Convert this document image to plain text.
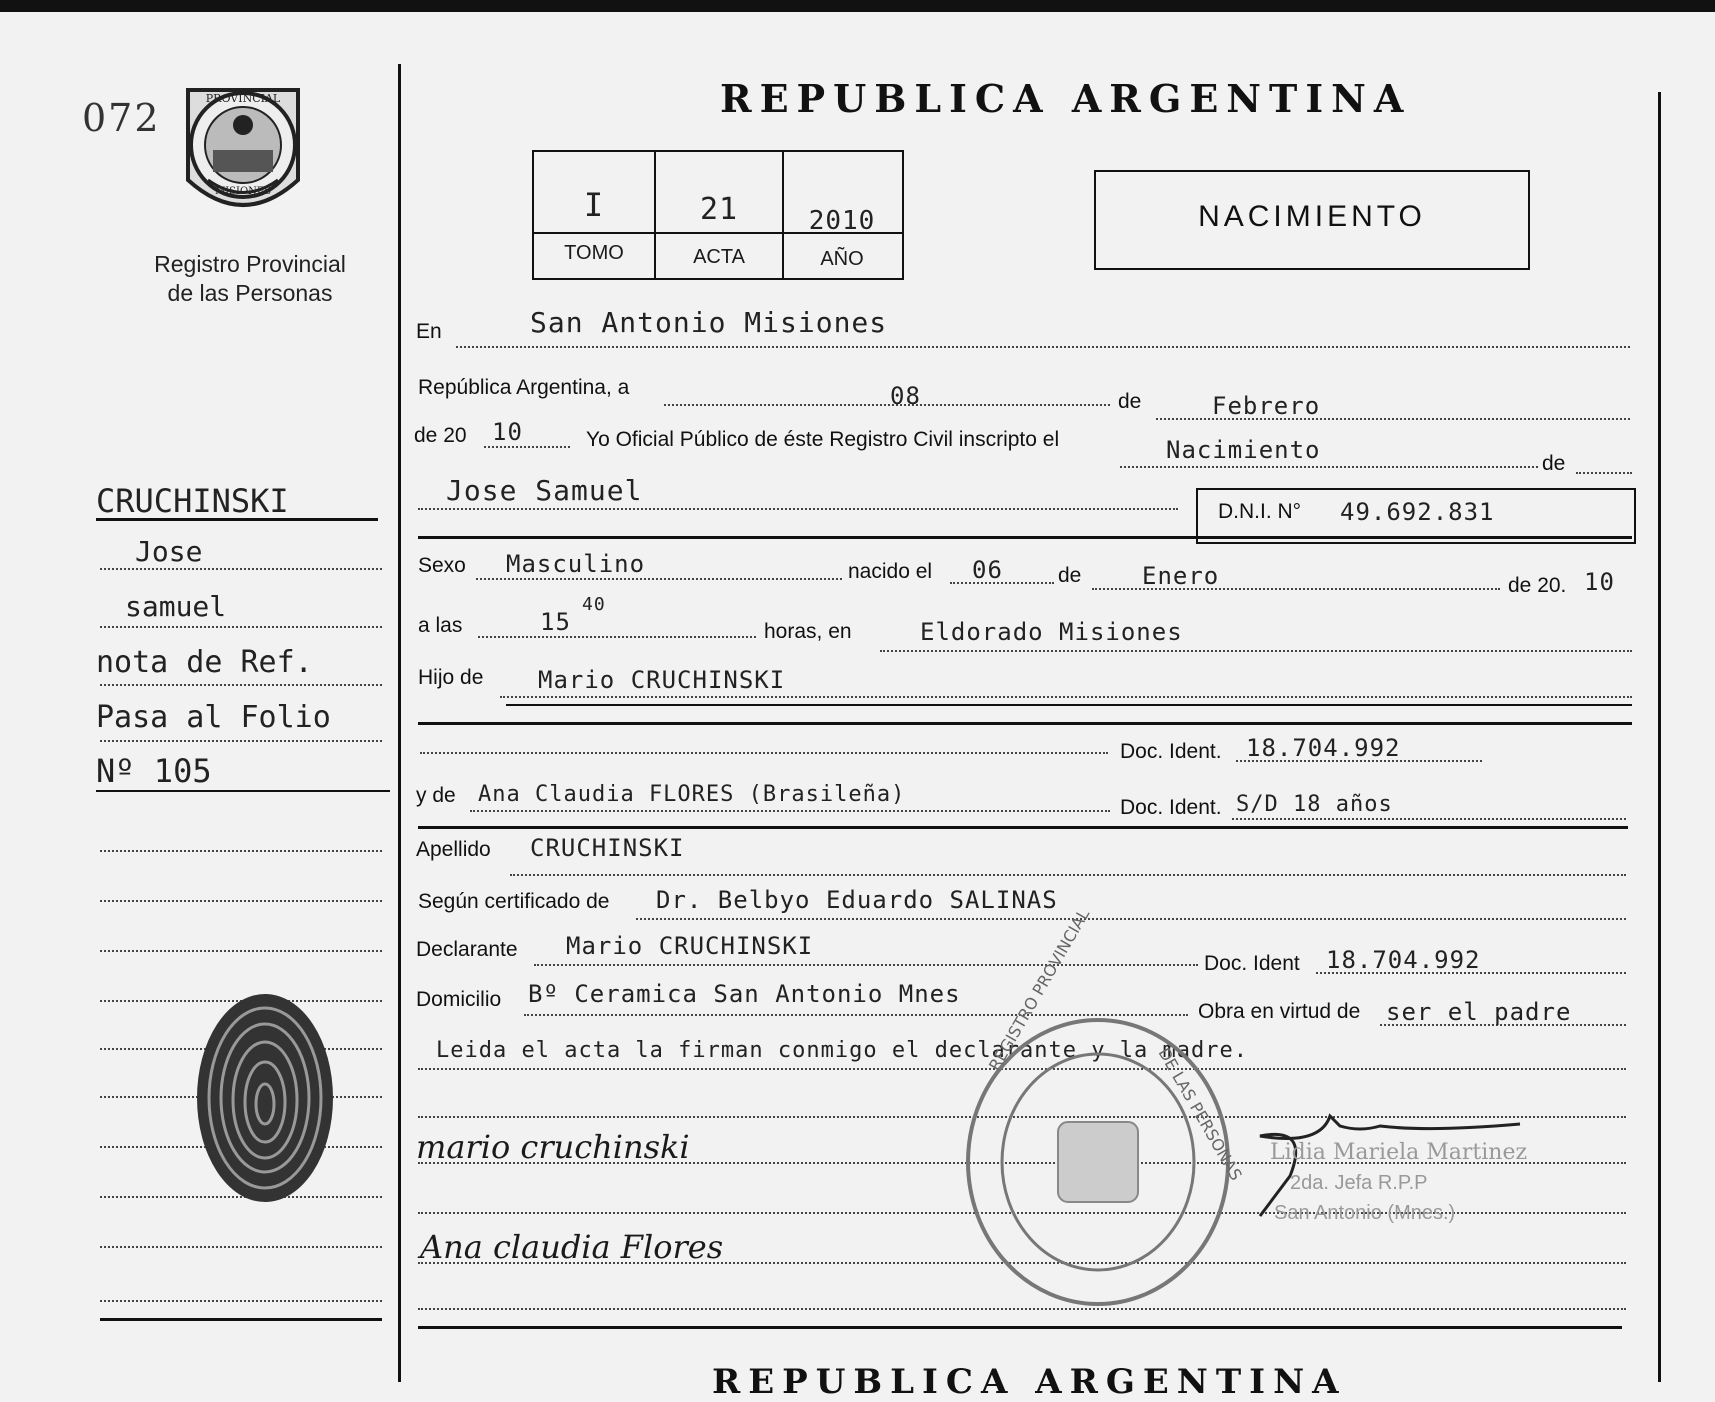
072	PROVINCIAL
MISIONES
Registro Provincial
de las Personas
CRUCHINSKI
Jose
samuel
nota de Ref.
Pasa al Folio
Nº 105
REPUBLICA ARGENTINA
I	21	2010
TOMO	ACTA	AÑO
NACIMIENTO
En	San Antonio Misiones
República Argentina, a	08	de	Febrero
de 20 10	Yo Oficial Público de éste Registro Civil inscripto el	Nacimiento	de
Jose Samuel
D.N.I. N° 49.692.831
Sexo Masculino	nacido el 06	de	Enero	de 20. 10
a las	15
40
horas, en	Eldorado Misiones
Hijo de Mario CRUCHINSKI
Doc. Ident. 18.704.992
y de Ana Claudia FLORES (Brasileña)
Doc. Ident. S/D 18 años
Apellido CRUCHINSKI
Según certificado de Dr. Belbyo Eduardo SALINAS
Declarante Mario CRUCHINSKI
Doc. Ident 18.704.992
Domicilio Bº Ceramica San Antonio Mnes
Obra en virtud de ser el padre
Leida el acta la firman conmigo el declarante y la madre.
mario cruchinski
Ana claudia Flores
REGISTRO PROVINCIAL
DE LAS PERSONAS Lidia Mariela Martinez
2da. Jefa R.P.P
San Antonio (Mnes.)
REPUBLICA ARGENTINA
